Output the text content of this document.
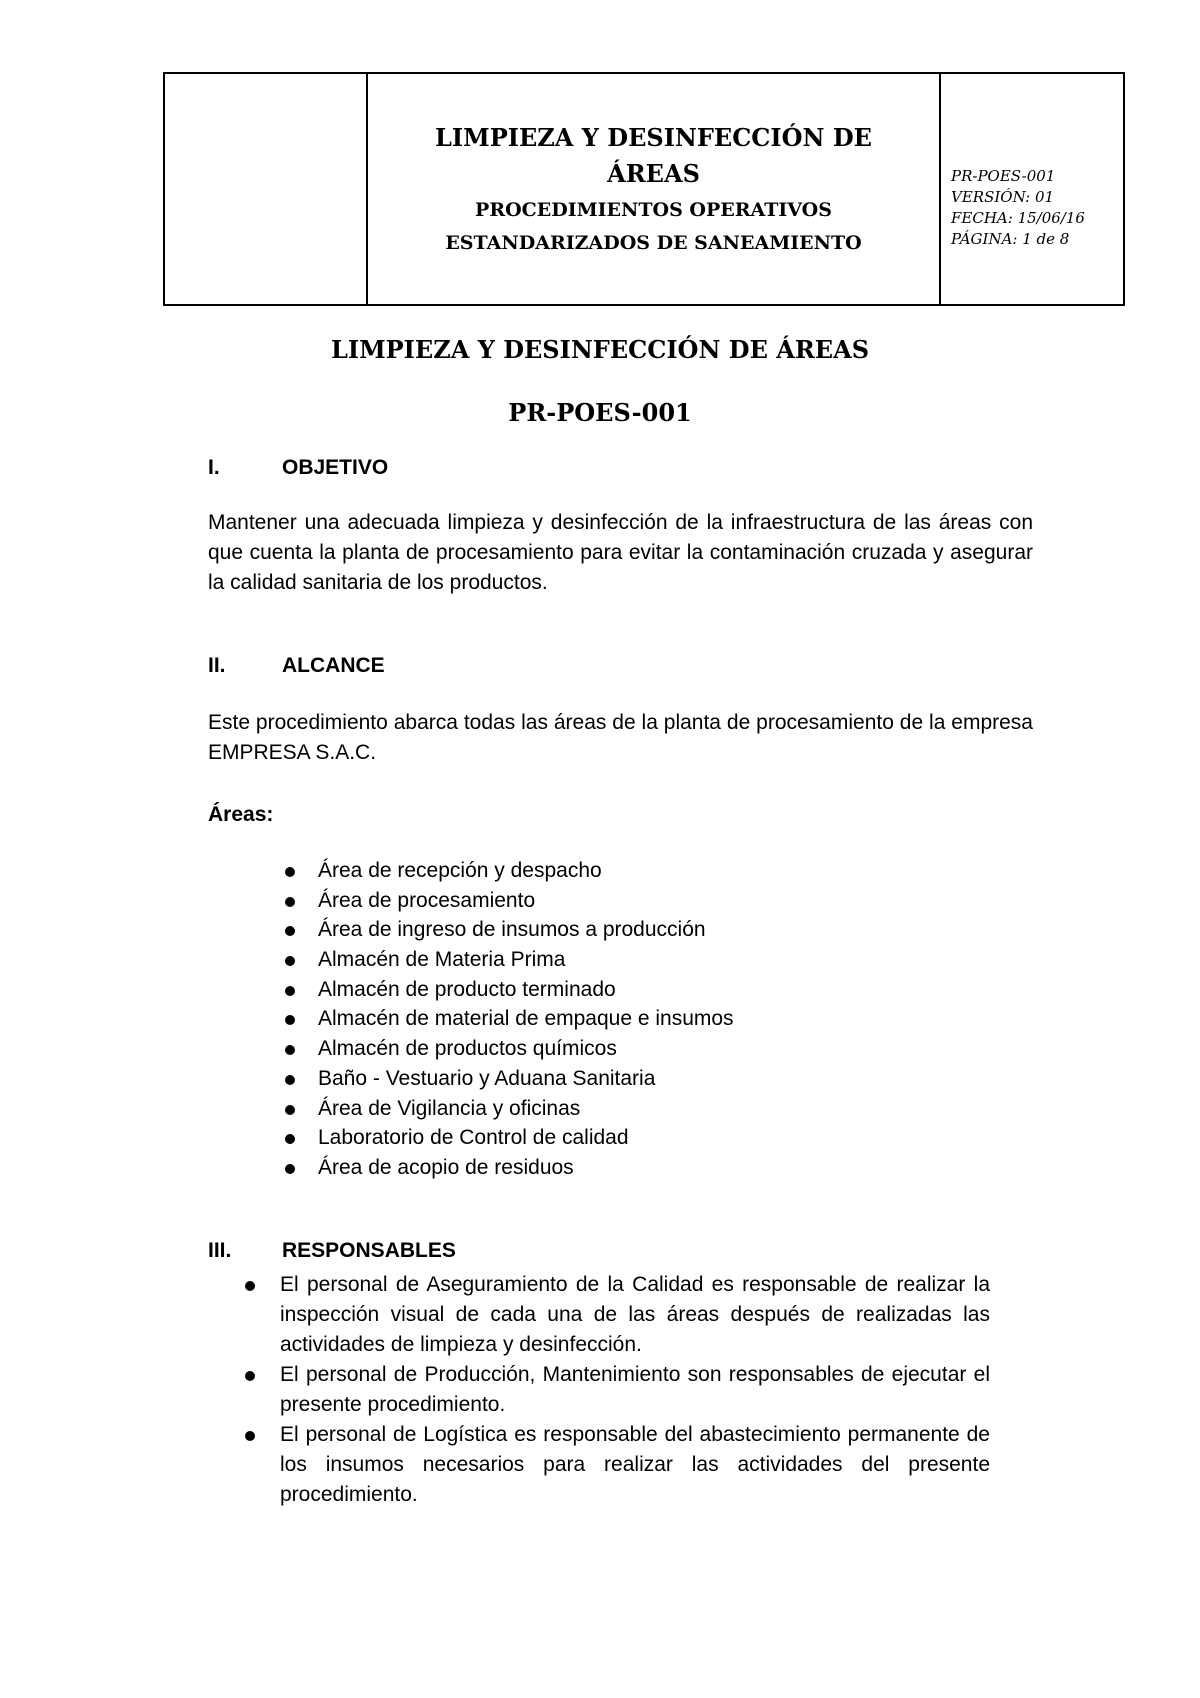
LIMPIEZA Y DESINFECCIÓN DE
ÁREAS
PROCEDIMIENTOS OPERATIVOS
ESTANDARIZADOS DE SANEAMIENTO
PR-POES-001
VERSIÓN: 01
FECHA: 15/06/16
PÁGINA: 1 de 8
LIMPIEZA Y DESINFECCIÓN DE ÁREAS
PR-POES-001
I.	OBJETIVO
Mantener una adecuada limpieza y desinfección de la infraestructura de las áreas con que cuenta la planta de procesamiento para evitar la contaminación cruzada y asegurar la calidad sanitaria de los productos.
II.	ALCANCE
Este procedimiento abarca todas las áreas de la planta de procesamiento de la empresa EMPRESA S.A.C.
Áreas:
Área de recepción y despacho
Área de procesamiento
Área de ingreso de insumos a producción
Almacén de Materia Prima
Almacén de producto terminado
Almacén de material de empaque e insumos
Almacén de productos químicos
Baño - Vestuario y Aduana Sanitaria
Área de Vigilancia y oficinas
Laboratorio de Control de calidad
Área de acopio de residuos
III. RESPONSABLES
El personal de Aseguramiento de la Calidad es responsable de realizar la inspección visual de cada una de las áreas después de realizadas las actividades de limpieza y desinfección.
El personal de Producción, Mantenimiento son responsables de ejecutar el presente procedimiento.
El personal de Logística es responsable del abastecimiento permanente de los insumos necesarios para realizar las actividades del presente procedimiento.
